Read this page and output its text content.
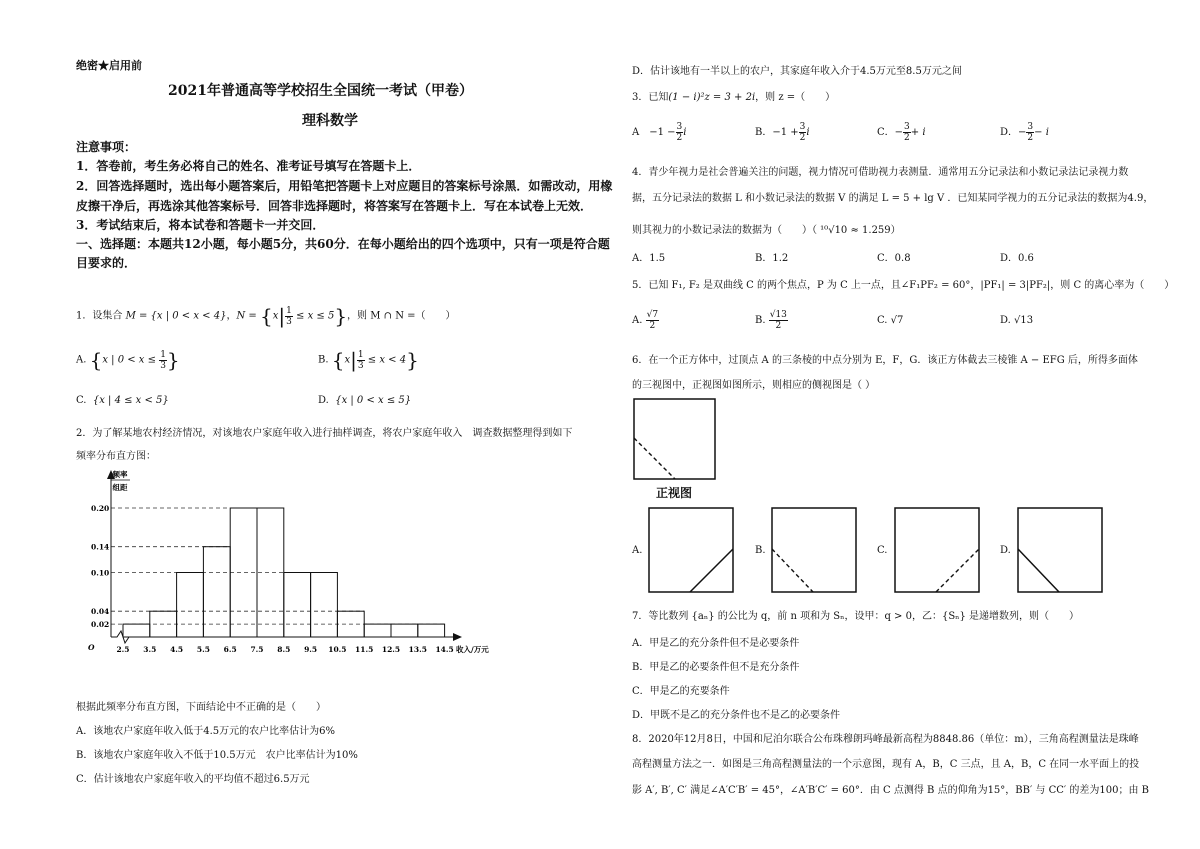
绝密★启用前
2021年普通高等学校招生全国统一考试（甲卷）
理科数学
注意事项：
1．答卷前，考生务必将自己的姓名、准考证号填写在答题卡上．
2．回答选择题时，选出每小题答案后，用铅笔把答题卡上对应题目的答案标号涂黑．如需改动，用橡
皮擦干净后，再选涂其他答案标号．回答非选择题时，将答案写在答题卡上．写在本试卷上无效．
3．考试结束后，将本试卷和答题卡一并交回．
一、选择题：本题共12小题，每小题5分，共60分．在每小题给出的四个选项中，只有一项是符合题
目要求的．
1．设集合 M = {x | 0 < x < 4}，$N = \{x| \frac{1}{3} \le x \le 5\}$，则 M ∩ N =（　　）
A. {x | $0 < x \le \frac{1}{3}$ }	B. $\{x| \frac{1}{3} \le x < 4\}$
C. {x | 4 ≤ x < 5}	D. {x | 0 < x ≤ 5}
2．为了解某地农村经济情况，对该地农户家庭年收入进行抽样调查，将农户家庭年收入　调查数据整理得到如下
频率分布直方图：
频率
组距
0.20
0.14
0.10
0.04
0.02
2.5 3.5 4.5 5.5 6.5 7.5 8.5 9.5 10.5 11.5 12.5 13.5 14.5
O	收入/万元
根据此频率分布直方图，下面结论中不正确的是（　　）
A．该地农户家庭年收入低于4.5万元的农户比率估计为6%
B．该地农户家庭年收入不低于10.5万元　农户比率估计为10%
C．估计该地农户家庭年收入的平均值不超过6.5万元
D．估计该地有一半以上的农户，其家庭年收入介于4.5万元至8.5万元之间
3．已知(1 − i)²z = 3 + 2i，则 z =（　　）
A　$-1 - \frac{3}{2}$ i	B．$-1 + \frac{3}{2}$ i	C．− $\frac{3}{2} + i$	D．− $\frac{3}{2} - i$
4．青少年视力是社会普遍关注的问题，视力情况可借助视力表测量．通常用五分记录法和小数记录法记录视力数
据，五分记录法的数据 L 和小数记录法的数据 V 的满足 L = 5 + lg V ．已知某同学视力的五分记录法的数据为4.9，
则其视力的小数记录法的数据为（　　）（ ¹⁰√10 ≈ 1.259）
A．1.5	B．1.2	C．0.8	D．0.6
5．已知 F₁, F₂ 是双曲线 C 的两个焦点，P 为 C 上一点，且∠F₁PF₂ = 60°，|PF₁| = 3|PF₂|，则 C 的离心率为（　　）
A. $\frac{√7}{2}$	B. $\frac{√13}{2}$	C. √7	D. √13
6．在一个正方体中，过顶点 A 的三条棱的中点分别为 E，F，G．该正方体截去三棱锥 A − EFG 后，所得多面体
的三视图中，正视图如图所示，则相应的侧视图是（ ）
正视图
A.	B.	C.	D.
7．等比数列 {aₙ} 的公比为 q，前 n 项和为 Sₙ，设甲：q > 0，乙：{Sₙ} 是递增数列，则（　　）
A．甲是乙的充分条件但不是必要条件
B．甲是乙的必要条件但不是充分条件
C．甲是乙的充要条件
D．甲既不是乙的充分条件也不是乙的必要条件
8．2020年12月8日，中国和尼泊尔联合公布珠穆朗玛峰最新高程为8848.86（单位：m），三角高程测量法是珠峰
高程测量方法之一．如图是三角高程测量法的一个示意图，现有 A，B，C 三点，且 A，B，C 在同一水平面上的投
影 A′, B′, C′ 满足∠A′C′B′ = 45°，∠A′B′C′ = 60°．由 C 点测得 B 点的仰角为15°，BB′ 与 CC′ 的差为100；由 B
